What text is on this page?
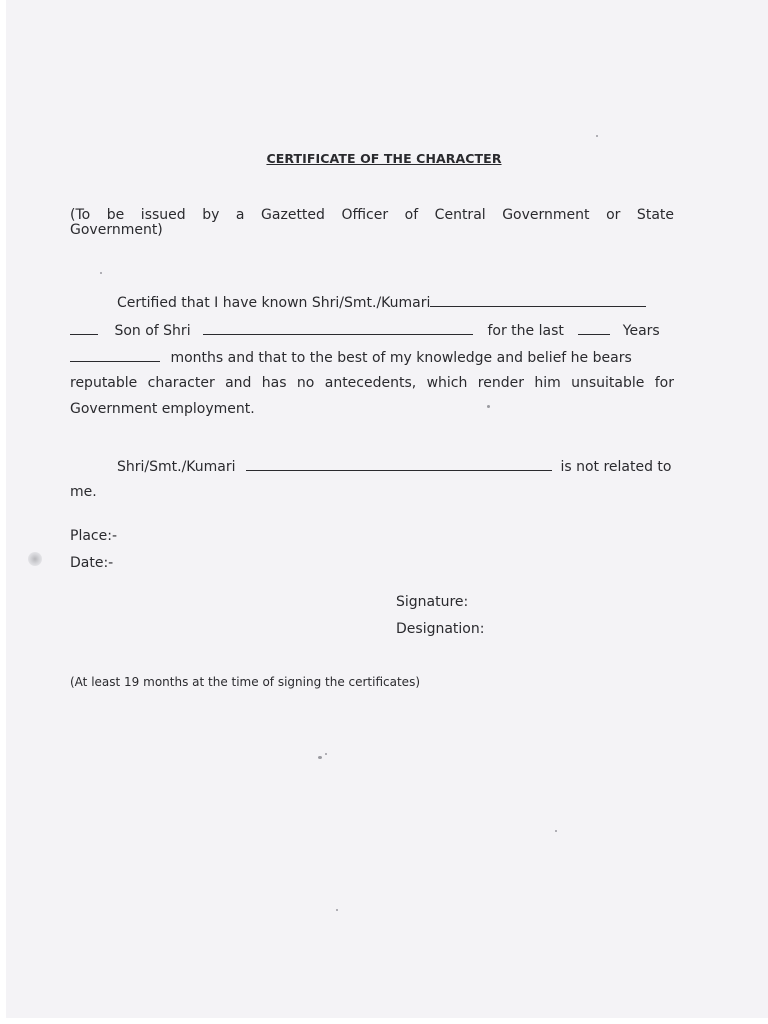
CERTIFICATE OF THE CHARACTER
(To be issued by a Gazetted Officer of Central Government or State
Government)
Certified that I have known Shri/Smt./Kumari
Son of Shri	for the last	Years
months and that to the best of my knowledge and belief he bears
reputable character and has no antecedents, which render him unsuitable for
Government employment.
Shri/Smt./Kumari	is not related to
me.
Place:-
Date:-
Signature:
Designation:
(At least 19 months at the time of signing the certificates)
